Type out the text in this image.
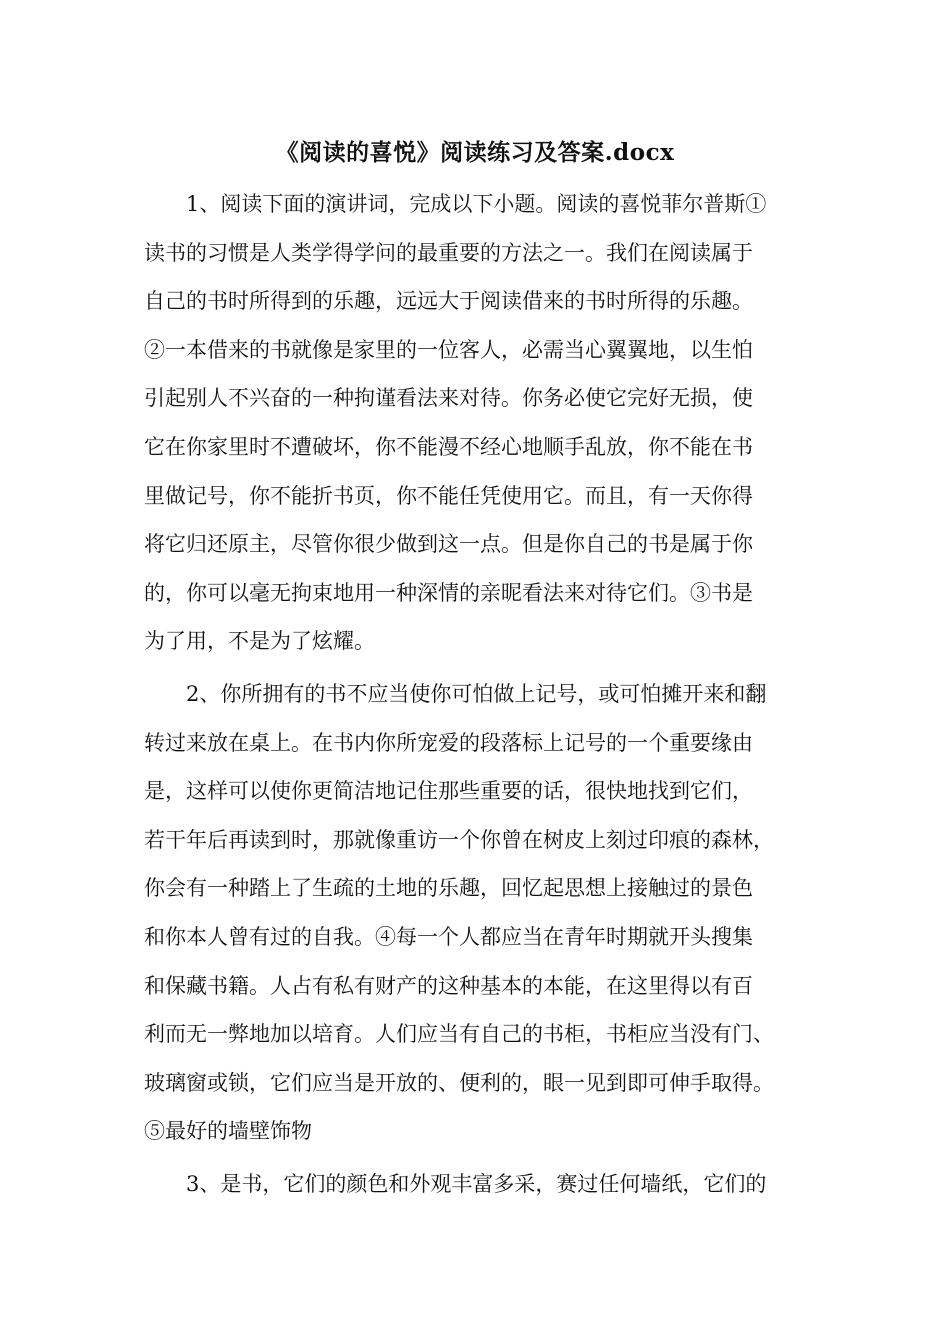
《阅读的喜悦》阅读练习及答案.docx
1、阅读下面的演讲词，完成以下小题。阅读的喜悦菲尔普斯①
读书的习惯是人类学得学问的最重要的方法之一。我们在阅读属于
自己的书时所得到的乐趣，远远大于阅读借来的书时所得的乐趣。
②一本借来的书就像是家里的一位客人，必需当心翼翼地，以生怕
引起别人不兴奋的一种拘谨看法来对待。你务必使它完好无损，使
它在你家里时不遭破坏，你不能漫不经心地顺手乱放，你不能在书
里做记号，你不能折书页，你不能任凭使用它。而且，有一天你得
将它归还原主，尽管你很少做到这一点。但是你自己的书是属于你
的，你可以毫无拘束地用一种深情的亲昵看法来对待它们。③书是
为了用，不是为了炫耀。
2、你所拥有的书不应当使你可怕做上记号，或可怕摊开来和翻
转过来放在桌上。在书内你所宠爱的段落标上记号的一个重要缘由
是，这样可以使你更简洁地记住那些重要的话，很快地找到它们，
若干年后再读到时，那就像重访一个你曾在树皮上刻过印痕的森林，
你会有一种踏上了生疏的土地的乐趣，回忆起思想上接触过的景色
和你本人曾有过的自我。④每一个人都应当在青年时期就开头搜集
和保藏书籍。人占有私有财产的这种基本的本能，在这里得以有百
利而无一弊地加以培育。人们应当有自己的书柜，书柜应当没有门、
玻璃窗或锁，它们应当是开放的、便利的，眼一见到即可伸手取得。
⑤最好的墙壁饰物
3、是书，它们的颜色和外观丰富多采，赛过任何墙纸，它们的
